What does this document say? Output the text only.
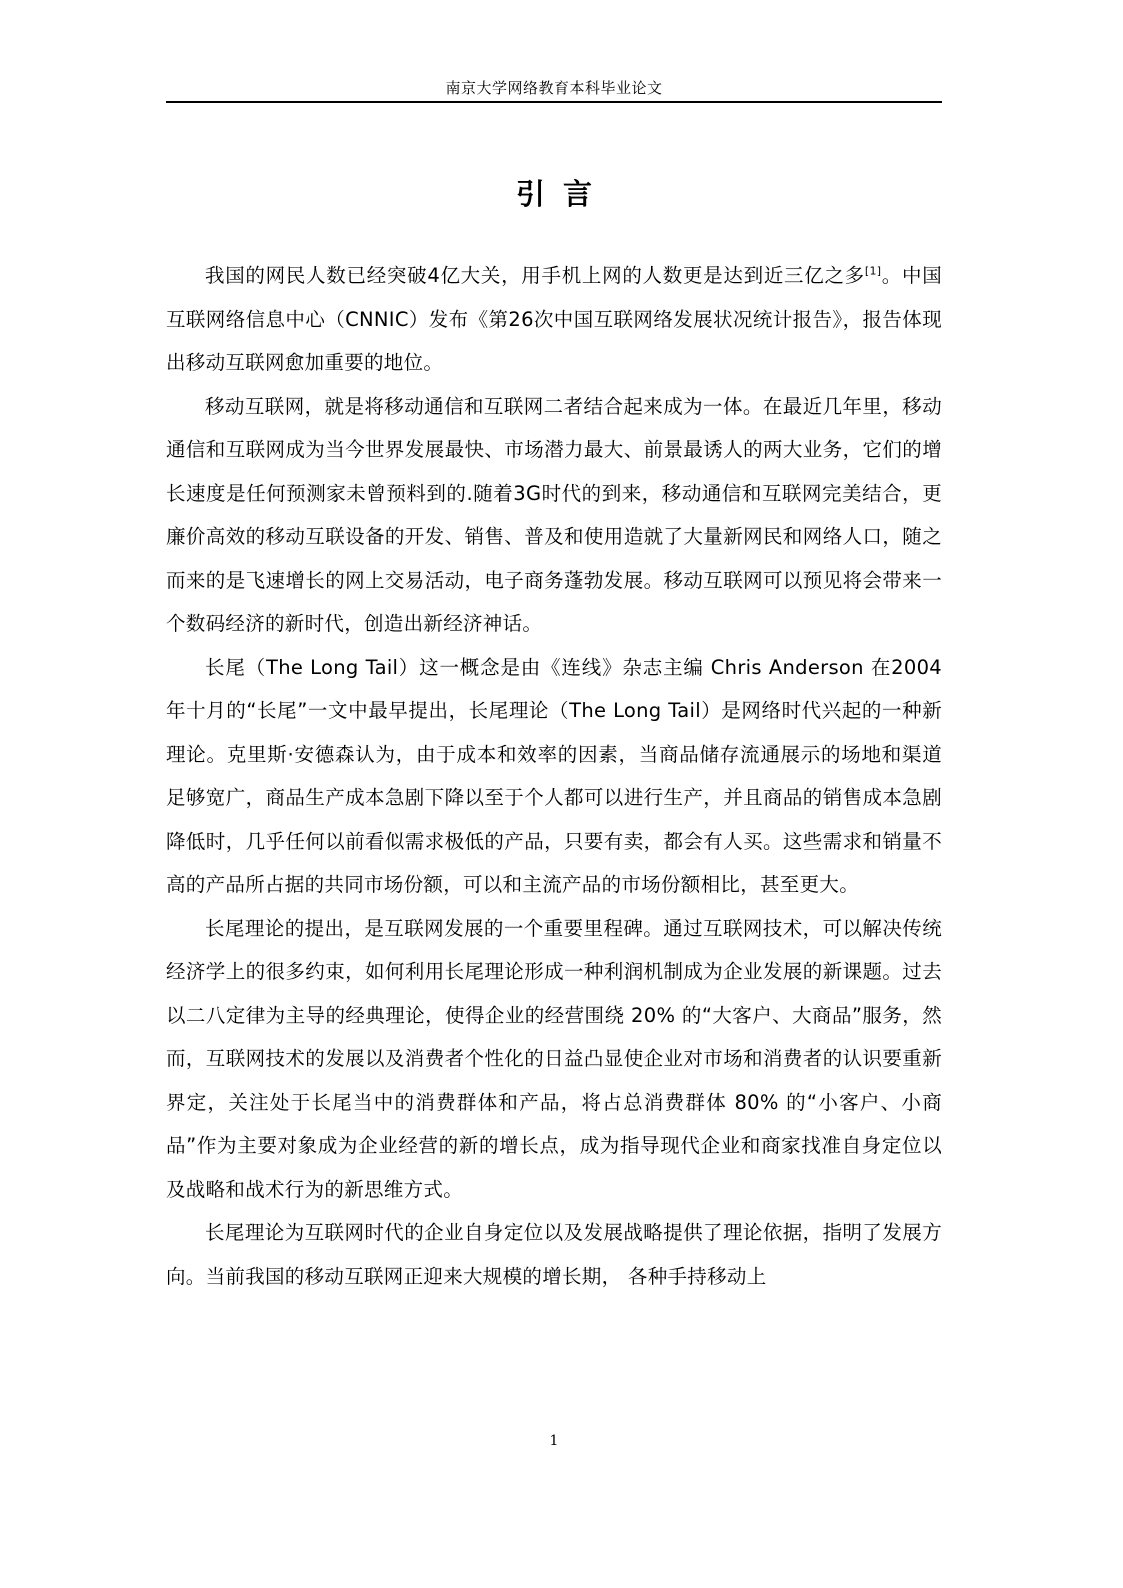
南京大学网络教育本科毕业论文
引言

我国的网民人数已经突破4亿大关，用手机上网的人数更是达到近三亿之多[1]。中国互联网络信息中心（CNNIC）发布《第26次中国互联网络发展状况统计报告》，报告体现出移动互联网愈加重要的地位。

移动互联网，就是将移动通信和互联网二者结合起来成为一体。在最近几年里，移动通信和互联网成为当今世界发展最快、市场潜力最大、前景最诱人的两大业务，它们的增长速度是任何预测家未曾预料到的.随着3G时代的到来，移动通信和互联网完美结合，更廉价高效的移动互联设备的开发、销售、普及和使用造就了大量新网民和网络人口，随之而来的是飞速增长的网上交易活动，电子商务蓬勃发展。移动互联网可以预见将会带来一个数码经济的新时代，创造出新经济神话。

长尾（The Long Tail）这一概念是由《连线》杂志主编 Chris Anderson 在2004年十月的“长尾”一文中最早提出，长尾理论（The Long Tail）是网络时代兴起的一种新理论。克里斯·安德森认为，由于成本和效率的因素，当商品储存流通展示的场地和渠道足够宽广，商品生产成本急剧下降以至于个人都可以进行生产，并且商品的销售成本急剧降低时，几乎任何以前看似需求极低的产品，只要有卖，都会有人买。这些需求和销量不高的产品所占据的共同市场份额，可以和主流产品的市场份额相比，甚至更大。

长尾理论的提出，是互联网发展的一个重要里程碑。通过互联网技术，可以解决传统经济学上的很多约束，如何利用长尾理论形成一种利润机制成为企业发展的新课题。过去以二八定律为主导的经典理论，使得企业的经营围绕 20% 的“大客户、大商品”服务，然而，互联网技术的发展以及消费者个性化的日益凸显使企业对市场和消费者的认识要重新界定，关注处于长尾当中的消费群体和产品，将占总消费群体 80% 的“小客户、小商品”作为主要对象成为企业经营的新的增长点，成为指导现代企业和商家找准自身定位以及战略和战术行为的新思维方式。

长尾理论为互联网时代的企业自身定位以及发展战略提供了理论依据，指明了发展方向。当前我国的移动互联网正迎来大规模的增长期， 各种手持移动上

1
